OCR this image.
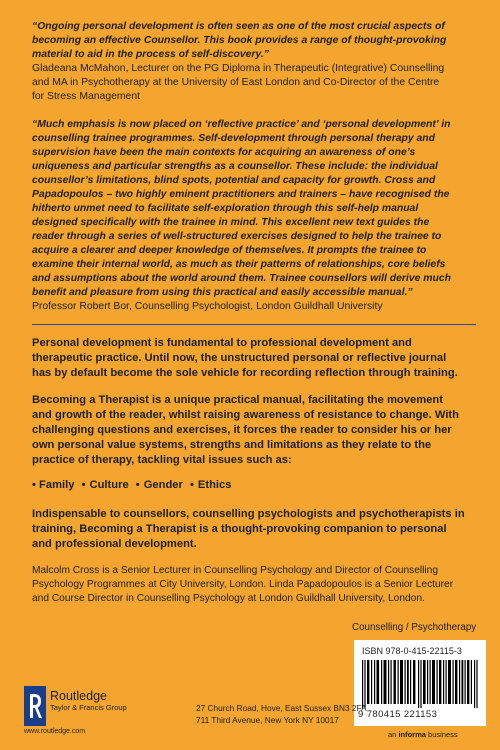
“Ongoing personal development is often seen as one of the most crucial aspects of

becoming an effective Counsellor. This book provides a range of thought-provoking

material to aid in the process of self-discovery.”

Gladeana McMahon, Lecturer on the PG Diploma in Therapeutic (Integrative) Counselling

and MA in Psychotherapy at the University of East London and Co-Director of the Centre

for Stress Management

“Much emphasis is now placed on ‘reflective practice’ and ‘personal development’ in

counselling trainee programmes. Self-development through personal therapy and

supervision have been the main contexts for acquiring an awareness of one’s

uniqueness and particular strengths as a counsellor. These include: the individual

counsellor’s limitations, blind spots, potential and capacity for growth. Cross and

Papadopoulos – two highly eminent practitioners and trainers – have recognised the

hitherto unmet need to facilitate self-exploration through this self-help manual

designed specifically with the trainee in mind. This excellent new text guides the

reader through a series of well-structured exercises designed to help the trainee to

acquire a clearer and deeper knowledge of themselves. It prompts the trainee to

examine their internal world, as much as their patterns of relationships, core beliefs

and assumptions about the world around them. Trainee counsellors will derive much

benefit and pleasure from using this practical and easily accessible manual.”

Professor Robert Bor, Counselling Psychologist, London Guildhall University

Personal development is fundamental to professional development and
therapeutic practice. Until now, the unstructured personal or reflective journal
has by default become the sole vehicle for recording reflection through training.
Becoming a Therapist is a unique practical manual, facilitating the movement
and growth of the reader, whilst raising awareness of resistance to change. With
challenging questions and exercises, it forces the reader to consider his or her
own personal value systems, strengths and limitations as they relate to the
practice of therapy, tackling vital issues such as:
• Family • Culture • Gender • Ethics
Indispensable to counsellors, counselling psychologists and psychotherapists in
training, Becoming a Therapist is a thought-provoking companion to personal
and professional development.
Malcolm Cross is a Senior Lecturer in Counselling Psychology and Director of Counselling
Psychology Programmes at City University, London. Linda Papadopoulos is a Senior Lecturer
and Course Director in Counselling Psychology at London Guildhall University, London.
Counselling / Psychotherapy
ISBN 978-0-415-22115-3
9 780415 221153
an informa business
Routledge
Taylor & Francis Group
www.routledge.com
27 Church Road, Hove, East Sussex BN3 2FA
711 Third Avenue, New York NY 10017
